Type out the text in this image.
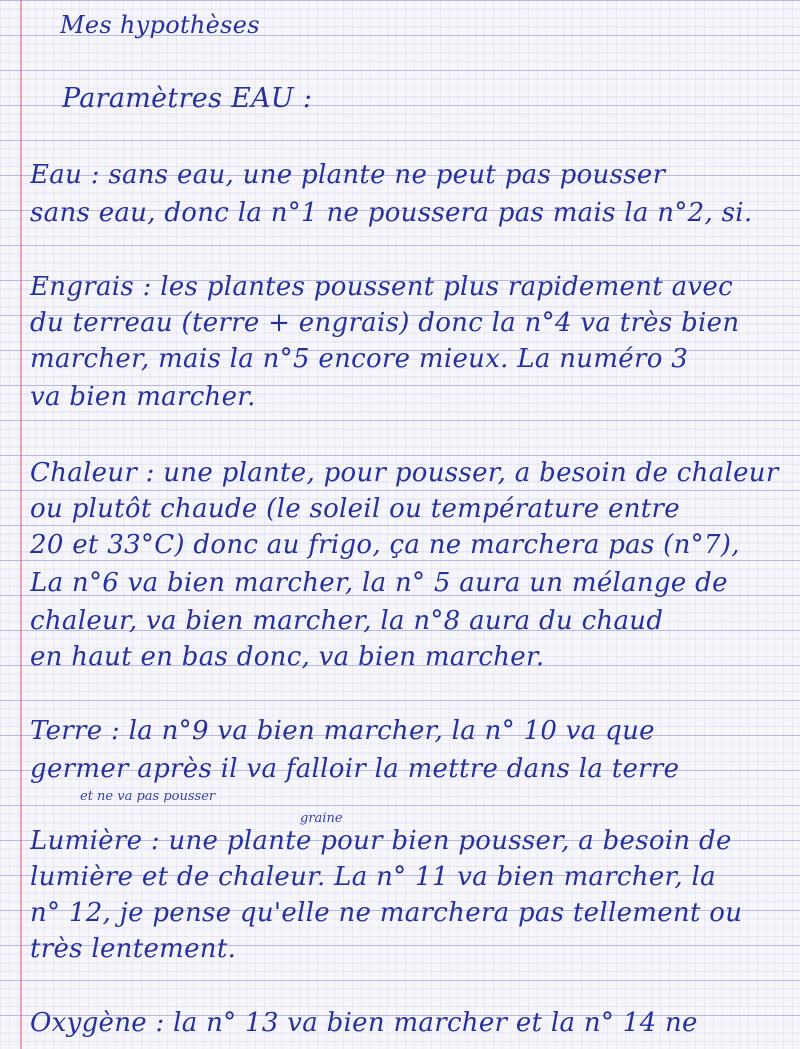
Mes hypothèses
Paramètres EAU :
Eau : sans eau, une plante ne peut pas pousser
sans eau, donc la n°1 ne poussera pas mais la n°2, si.
Engrais : les plantes poussent plus rapidement avec
du terreau (terre + engrais) donc la n°4 va très bien
marcher, mais la n°5 encore mieux. La numéro 3
va bien marcher.
Chaleur : une plante, pour pousser, a besoin de chaleur
ou plutôt chaude (le soleil ou température entre
20 et 33°C) donc au frigo, ça ne marchera pas (n°7),
La n°6 va bien marcher, la n° 5 aura un mélange de
chaleur, va bien marcher, la n°8 aura du chaud
en haut en bas donc, va bien marcher.
Terre : la n°9 va bien marcher, la n° 10 va que
germer après il va falloir la mettre dans la terre
et ne va pas pousser
graine
Lumière : une plante pour bien pousser, a besoin de
lumière et de chaleur. La n° 11 va bien marcher, la
n° 12, je pense qu'elle ne marchera pas tellement ou
très lentement.
Oxygène : la n° 13 va bien marcher et la n° 14 ne
